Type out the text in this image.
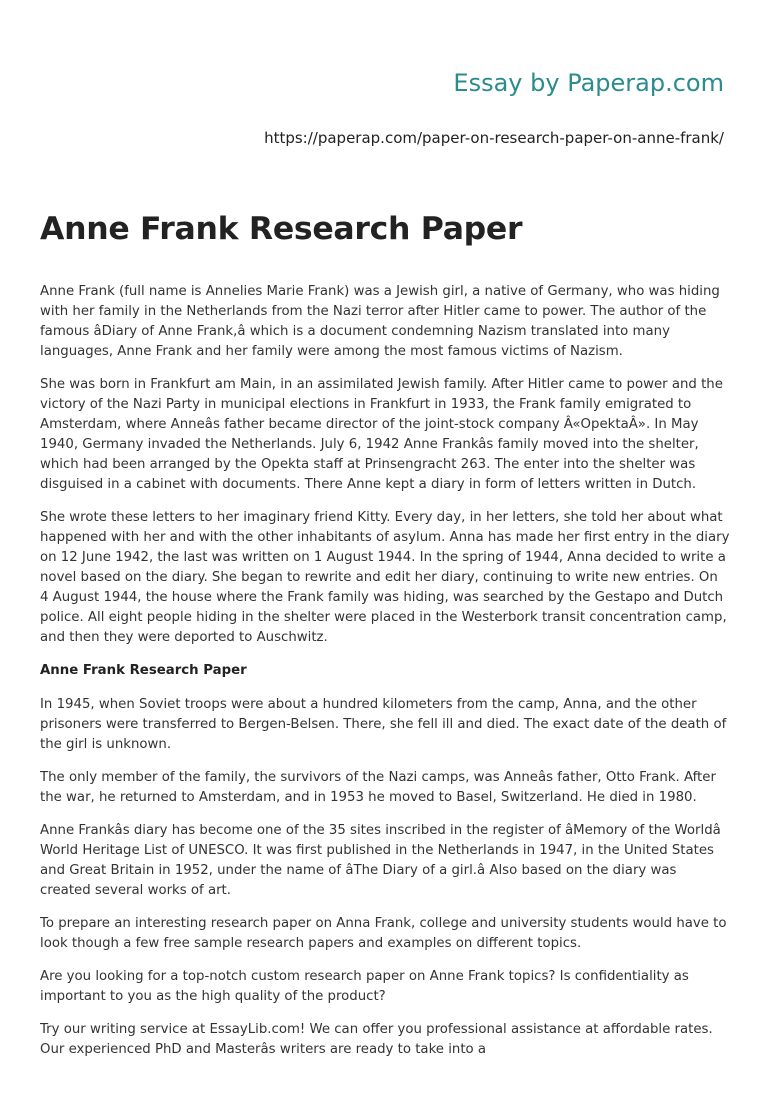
Essay by Paperap.com
https://paperap.com/paper-on-research-paper-on-anne-frank/
Anne Frank Research Paper

Anne Frank (full name is Annelies Marie Frank) was a Jewish girl, a native of Germany, who was hiding with her family in the Netherlands from the Nazi terror after Hitler came to power. The author of the famous âDiary of Anne Frank,â which is a document condemning Nazism translated into many languages, Anne Frank and her family were among the most famous victims of Nazism.

She was born in Frankfurt am Main, in an assimilated Jewish family. After Hitler came to power and the victory of the Nazi Party in municipal elections in Frankfurt in 1933, the Frank family emigrated to Amsterdam, where Anneâs father became director of the joint-stock company Â«OpektaÂ». In May 1940, Germany invaded the Netherlands. July 6, 1942 Anne Frankâs family moved into the shelter, which had been arranged by the Opekta staff at Prinsengracht 263. The enter into the shelter was disguised in a cabinet with documents. There Anne kept a diary in form of letters written in Dutch.

She wrote these letters to her imaginary friend Kitty. Every day, in her letters, she told her about what happened with her and with the other inhabitants of asylum. Anna has made her first entry in the diary on 12 June 1942, the last was written on 1 August 1944. In the spring of 1944, Anna decided to write a novel based on the diary. She began to rewrite and edit her diary, continuing to write new entries. On 4 August 1944, the house where the Frank family was hiding, was searched by the Gestapo and Dutch police. All eight people hiding in the shelter were placed in the Westerbork transit concentration camp, and then they were deported to Auschwitz.

Anne Frank Research Paper

In 1945, when Soviet troops were about a hundred kilometers from the camp, Anna, and the other prisoners were transferred to Bergen-Belsen. There, she fell ill and died. The exact date of the death of the girl is unknown.

The only member of the family, the survivors of the Nazi camps, was Anneâs father, Otto Frank. After the war, he returned to Amsterdam, and in 1953 he moved to Basel, Switzerland. He died in 1980.

Anne Frankâs diary has become one of the 35 sites inscribed in the register of âMemory of the Worldâ World Heritage List of UNESCO. It was first published in the Netherlands in 1947, in the United States and Great Britain in 1952, under the name of âThe Diary of a girl.â Also based on the diary was created several works of art.

To prepare an interesting research paper on Anna Frank, college and university students would have to look though a few free sample research papers and examples on different topics.

Are you looking for a top-notch custom research paper on Anne Frank topics? Is confidentiality as important to you as the high quality of the product?

Try our writing service at EssayLib.com! We can offer you professional assistance at affordable rates. Our experienced PhD and Masterâs writers are ready to take into a
